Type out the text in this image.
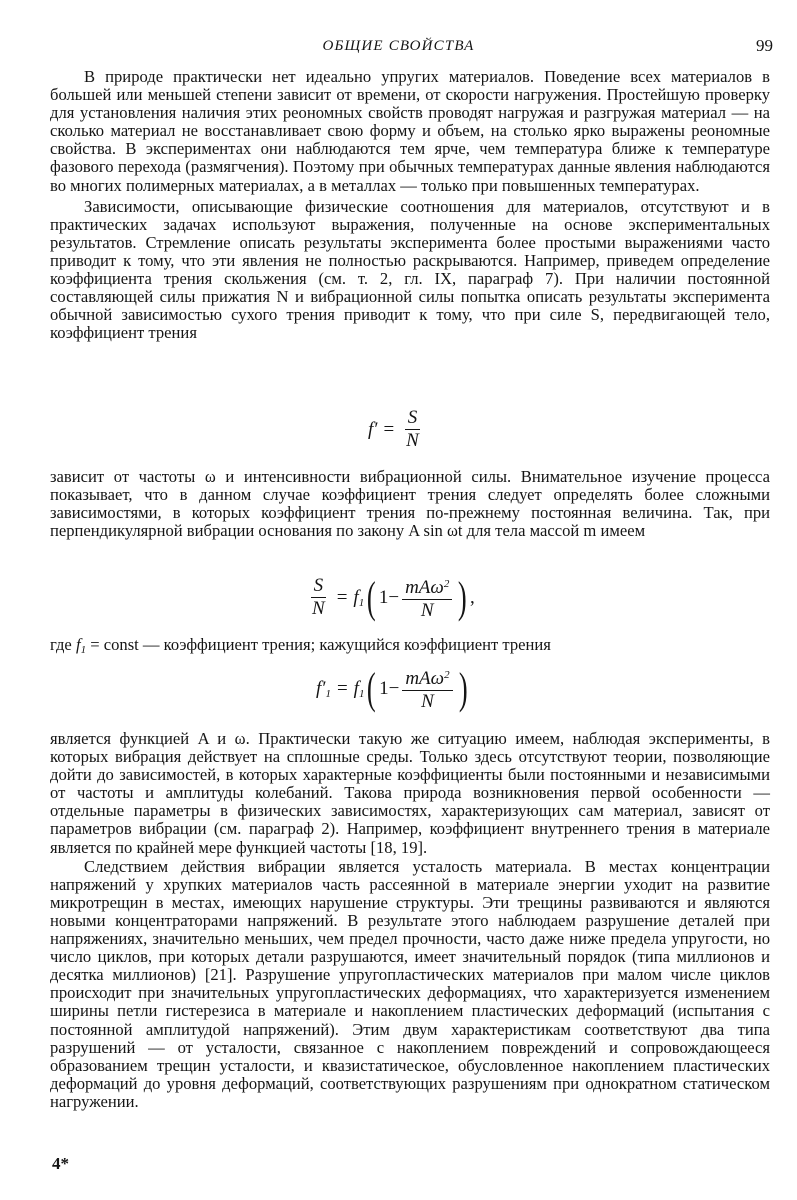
ОБЩИЕ СВОЙСТВА	99

В природе практически нет идеально упругих материалов. Поведение всех материалов в большей или меньшей степени зависит от времени, от скорости нагружения. Простейшую проверку для установления наличия этих реономных свойств проводят нагружая и разгружая материал — на сколько материал не восстанавливает свою форму и объем, на столько ярко выражены реономные свойства. В экспериментах они наблюдаются тем ярче, чем температура ближе к температуре фазового перехода (размягчения). Поэтому при обычных температурах данные явления наблюдаются во многих полимерных материалах, а в металлах — только при повышенных температурах.

Зависимости, описывающие физические соотношения для материалов, отсутствуют и в практических задачах используют выражения, полученные на основе экспериментальных результатов. Стремление описать результаты эксперимента более простыми выражениями часто приводит к тому, что эти явления не полностью раскрываются. Например, приведем определение коэффициента трения скольжения (см. т. 2, гл. IX, параграф 7). При наличии постоянной составляющей силы прижатия N и вибрационной силы попытка описать результаты эксперимента обычной зависимостью сухого трения приводит к тому, что при силе S, передвигающей тело, коэффициент трения

$f' = \frac{S}{N}$

зависит от частоты ω и интенсивности вибрационной силы. Внимательное изучение процесса показывает, что в данном случае коэффициент трения следует определять более сложными зависимостями, в которых коэффициент трения по-прежнему постоянная величина. Так, при перпендикулярной вибрации основания по закону A sin ωt для тела массой m имеем

$\frac{S}{N} = f_1$ ( $1 - \frac{mA\omega^2}{N}$ ) ,

где $f_1$ = const — коэффициент трения; кажущийся коэффициент трения

$f'_1 = f_1$ ( $1 - \frac{mA\omega^2}{N}$ )

является функцией A и ω. Практически такую же ситуацию имеем, наблюдая эксперименты, в которых вибрация действует на сплошные среды. Только здесь отсутствуют теории, позволяющие дойти до зависимостей, в которых характерные коэффициенты были постоянными и независимыми от частоты и амплитуды колебаний. Такова природа возникновения первой особенности — отдельные параметры в физических зависимостях, характеризующих сам материал, зависят от параметров вибрации (см. параграф 2). Например, коэффициент внутреннего трения в материале является по крайней мере функцией частоты [18, 19].

Следствием действия вибрации является усталость материала. В местах концентрации напряжений у хрупких материалов часть рассеянной в материале энергии уходит на развитие микротрещин в местах, имеющих нарушение структуры. Эти трещины развиваются и являются новыми концентраторами напряжений. В результате этого наблюдаем разрушение деталей при напряжениях, значительно меньших, чем предел прочности, часто даже ниже предела упругости, но число циклов, при которых детали разрушаются, имеет значительный порядок (типа миллионов и десятка миллионов) [21]. Разрушение упругопластических материалов при малом числе циклов происходит при значительных упругопластических деформациях, что характеризуется изменением ширины петли гистерезиса в материале и накоплением пластических деформаций (испытания с постоянной амплитудой напряжений). Этим двум характеристикам соответствуют два типа разрушений — от усталости, связанное с накоплением повреждений и сопровождающееся образованием трещин усталости, и квазистатическое, обусловленное накоплением пластических деформаций до уровня деформаций, соответствующих разрушениям при однократном статическом нагружении.

4*
